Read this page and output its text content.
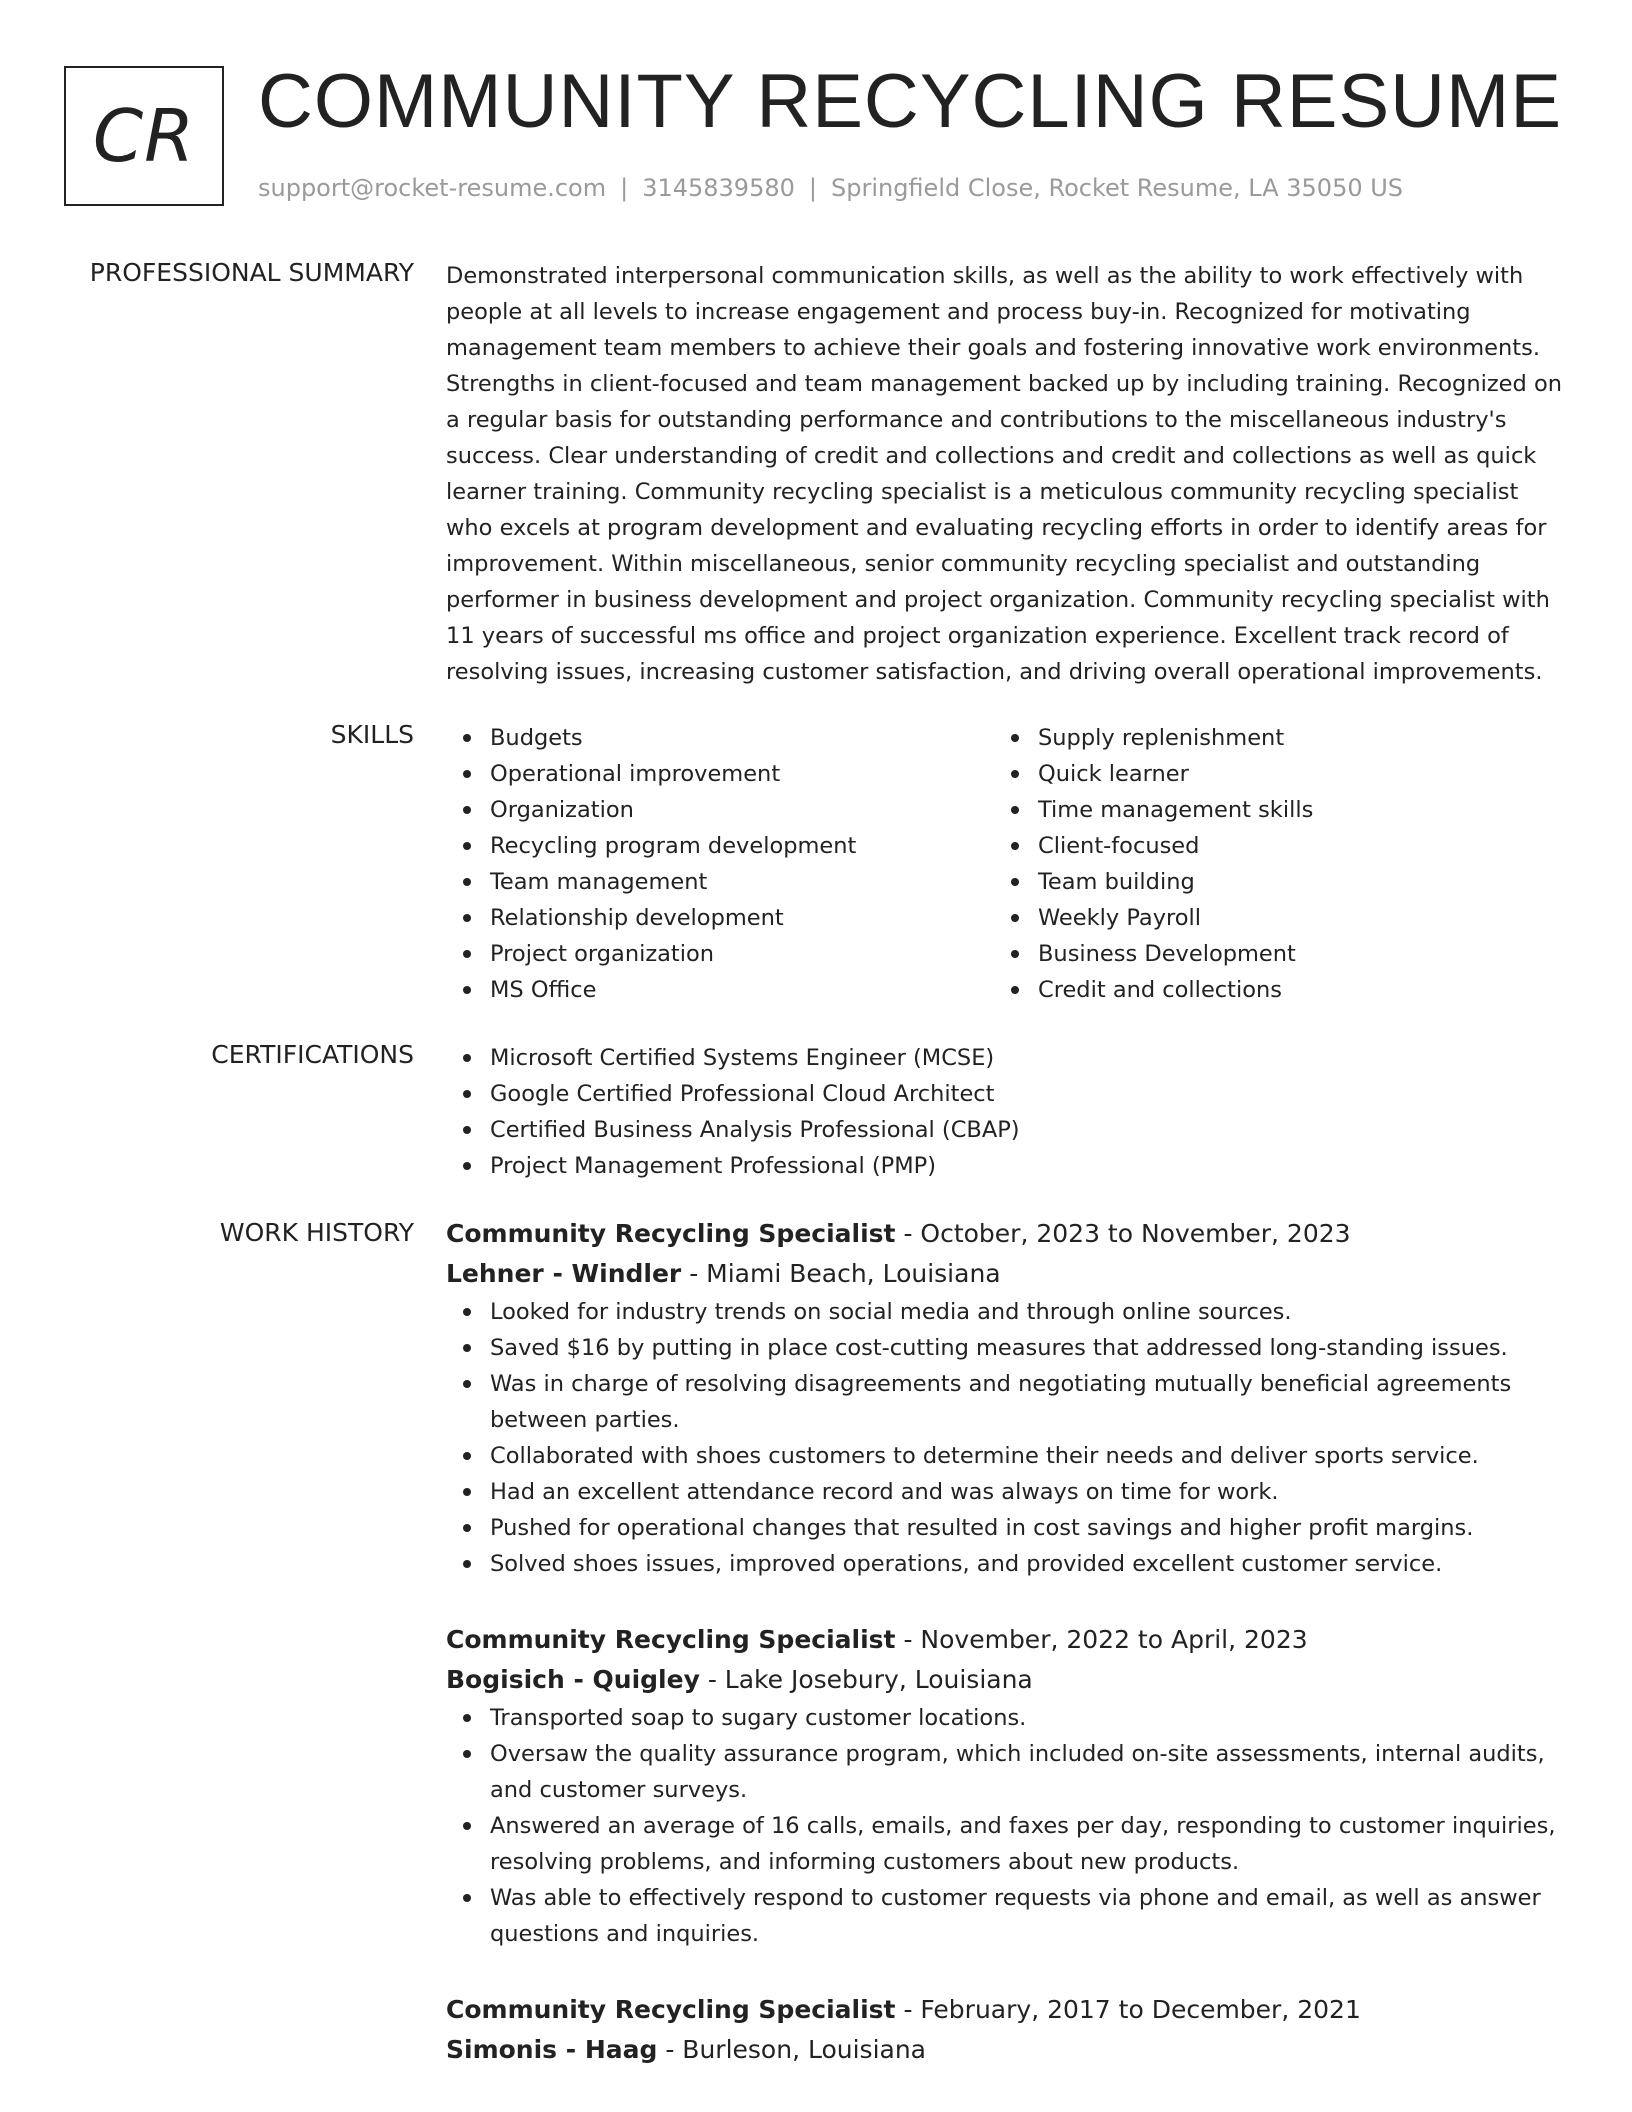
CR COMMUNITY RECYCLING RESUME
support@rocket-resume.com | 3145839580 | Springfield Close, Rocket Resume, LA 35050 US
PROFESSIONAL SUMMARY Demonstrated interpersonal communication skills, as well as the ability to work effectively with people at all levels to increase engagement and process buy-in. Recognized for motivating management team members to achieve their goals and fostering innovative work environments. Strengths in client-focused and team management backed up by including training. Recognized on a regular basis for outstanding performance and contributions to the miscellaneous industry's success. Clear understanding of credit and collections and credit and collections as well as quick learner training. Community recycling specialist is a meticulous community recycling specialist who excels at program development and evaluating recycling efforts in order to identify areas for improvement. Within miscellaneous, senior community recycling specialist and outstanding performer in business development and project organization. Community recycling specialist with 11 years of successful ms office and project organization experience. Excellent track record of resolving issues, increasing customer satisfaction, and driving overall operational improvements.

SKILLS	Budgets
Operational improvement
Organization
Recycling program development
Team management
Relationship development
Project organization
MS Office
Supply replenishment
Quick learner
Time management skills
Client-focused
Team building
Weekly Payroll
Business Development
Credit and collections
CERTIFICATIONS	Microsoft Certified Systems Engineer (MCSE)
Google Certified Professional Cloud Architect
Certified Business Analysis Professional (CBAP)
Project Management Professional (PMP)
WORK HISTORY Community Recycling Specialist - October, 2023 to November, 2023
Lehner - Windler - Miami Beach, Louisiana
Looked for industry trends on social media and through online sources.
Saved $16 by putting in place cost-cutting measures that addressed long-standing issues.
Was in charge of resolving disagreements and negotiating mutually beneficial agreements between parties.
Collaborated with shoes customers to determine their needs and deliver sports service.
Had an excellent attendance record and was always on time for work.
Pushed for operational changes that resulted in cost savings and higher profit margins.
Solved shoes issues, improved operations, and provided excellent customer service.
Community Recycling Specialist - November, 2022 to April, 2023
Bogisich - Quigley - Lake Josebury, Louisiana
Transported soap to sugary customer locations.
Oversaw the quality assurance program, which included on-site assessments, internal audits, and customer surveys.
Answered an average of 16 calls, emails, and faxes per day, responding to customer inquiries, resolving problems, and informing customers about new products.
Was able to effectively respond to customer requests via phone and email, as well as answer questions and inquiries.
Community Recycling Specialist - February, 2017 to December, 2021
Simonis - Haag - Burleson, Louisiana
